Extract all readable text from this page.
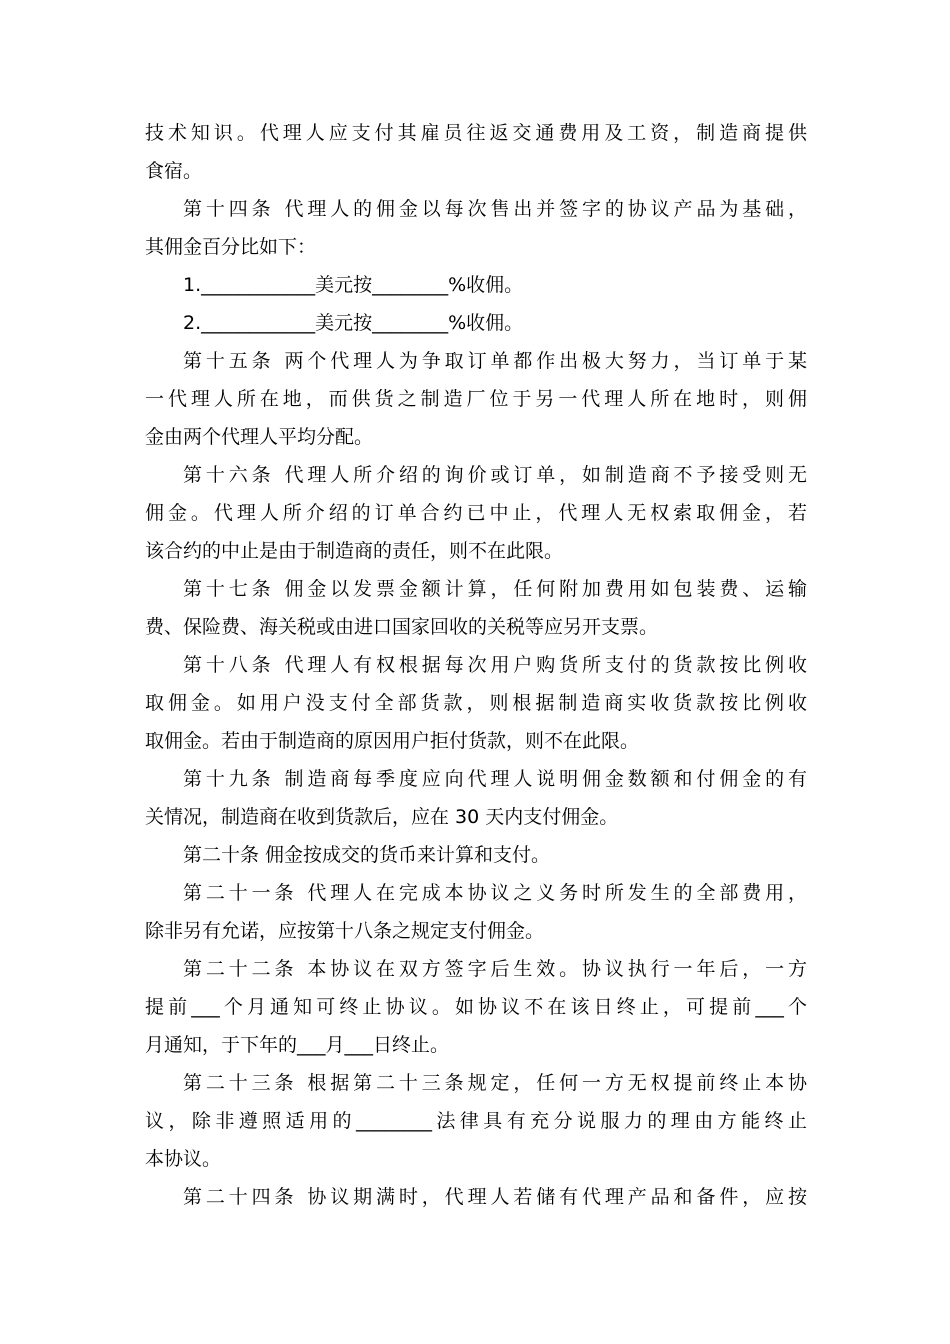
技术知识。代理人应支付其雇员往返交通费用及工资，制造商提供
食宿。

第十四条 代理人的佣金以每次售出并签字的协议产品为基础，
其佣金百分比如下：

1.____________美元按________%收佣。

2.____________美元按________%收佣。

第十五条 两个代理人为争取订单都作出极大努力，当订单于某
一代理人所在地，而供货之制造厂位于另一代理人所在地时，则佣
金由两个代理人平均分配。

第十六条 代理人所介绍的询价或订单，如制造商不予接受则无
佣金。代理人所介绍的订单合约已中止，代理人无权索取佣金，若
该合约的中止是由于制造商的责任，则不在此限。

第十七条 佣金以发票金额计算，任何附加费用如包装费、运输
费、保险费、海关税或由进口国家回收的关税等应另开支票。

第十八条 代理人有权根据每次用户购货所支付的货款按比例收
取佣金。如用户没支付全部货款，则根据制造商实收货款按比例收
取佣金。若由于制造商的原因用户拒付货款，则不在此限。

第十九条 制造商每季度应向代理人说明佣金数额和付佣金的有
关情况，制造商在收到货款后，应在 30 天内支付佣金。

第二十条 佣金按成交的货币来计算和支付。

第二十一条 代理人在完成本协议之义务时所发生的全部费用，
除非另有允诺，应按第十八条之规定支付佣金。

第二十二条 本协议在双方签字后生效。协议执行一年后，一方
提前___个月通知可终止协议。如协议不在该日终止，可提前___个
月通知，于下年的___月___日终止。

第二十三条 根据第二十三条规定，任何一方无权提前终止本协
议，除非遵照适用的________法律具有充分说服力的理由方能终止
本协议。

第二十四条 协议期满时，代理人若储有代理产品和备件，应按
